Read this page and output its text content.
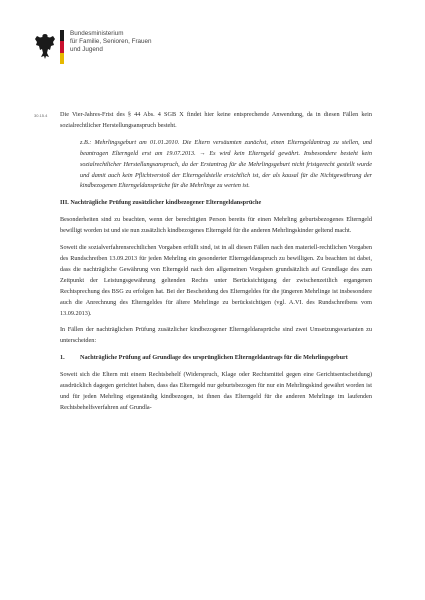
Bundesministerium
für Familie, Senioren, Frauen
und Jugend
30.15.4 Die Vier-Jahres-Frist des § 44 Abs. 4 SGB X findet hier keine entsprechende Anwendung, da in diesen Fällen kein sozialrechtlicher Herstellungsanspruch besteht.

z.B.: Mehrlingsgeburt am 01.01.2010. Die Eltern versäumten zunächst, einen Elterngeldantrag zu stellen, und beantragen Elterngeld erst am 19.07.2013. → Es wird kein Elterngeld gewährt. Insbesondere besteht kein sozialrechtlicher Herstellungsanspruch, da der Erstantrag für die Mehrlingsgeburt nicht fristgerecht gestellt wurde und damit auch kein Pflichtverstoß der Elterngeldstelle ersichtlich ist, der als kausal für die Nichtgewährung der kindbezogenen Elterngeldansprüche für die Mehrlinge zu werten ist.

III. Nachträgliche Prüfung zusätzlicher kindbezogener Elterngeldansprüche

Besonderheiten sind zu beachten, wenn der berechtigten Person bereits für einen Mehrling geburtsbezogenes Elterngeld bewilligt worden ist und sie nun zusätzlich kindbezogenes Elterngeld für die anderen Mehrlingskinder geltend macht.

Soweit die sozialverfahrensrechtlichen Vorgaben erfüllt sind, ist in all diesen Fällen nach den materiell-rechtlichen Vorgaben des Rundschreiben 13.09.2013 für jeden Mehrling ein gesonderter Elterngeldanspruch zu bewilligen. Zu beachten ist dabei, dass die nachträgliche Gewährung von Elterngeld nach den allgemeinen Vorgaben grundsätzlich auf Grundlage des zum Zeitpunkt der Leistungsgewährung geltenden Rechts unter Berücksichtigung der zwischenzeitlich ergangenen Rechtsprechung des BSG zu erfolgen hat. Bei der Bescheidung des Elterngeldes für die jüngeren Mehrlinge ist insbesondere auch die Anrechnung des Elterngeldes für ältere Mehrlinge zu berücksichtigen (vgl. A.VI. des Rundschreibens vom 13.09.2013).

In Fällen der nachträglichen Prüfung zusätzlicher kindbezogener Elterngeldansprüche sind zwei Umsetzungsvarianten zu unterscheiden:

1.	Nachträgliche Prüfung auf Grundlage des ursprünglichen Elterngeldantrags für die Mehrlingsgeburt

Soweit sich die Eltern mit einem Rechtsbehelf (Widerspruch, Klage oder Rechtsmittel gegen eine Gerichtsentscheidung) ausdrücklich dagegen gerichtet haben, dass das Elterngeld nur geburtsbezogen für nur ein Mehrlingskind gewährt worden ist und für jeden Mehrling eigenständig kindbezogen, ist ihnen das Elterngeld für die anderen Mehrlinge im laufenden Rechtsbehelfsverfahren auf Grundla-
